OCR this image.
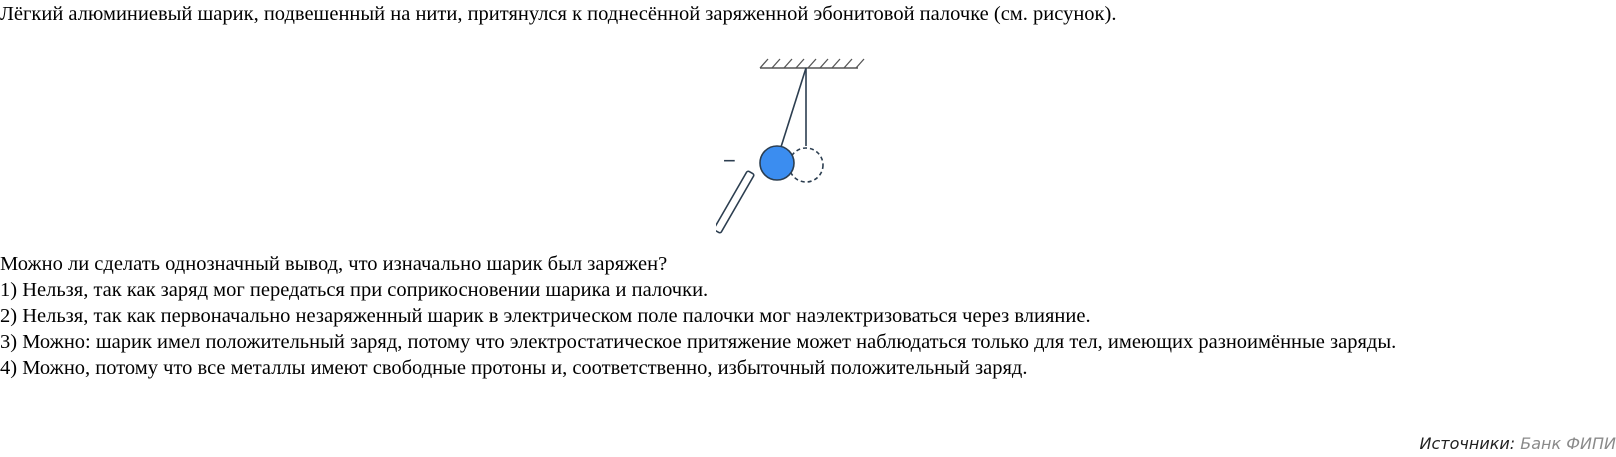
Лёгкий алюминиевый шарик, подвешенный на нити, притянулся к поднесённой заряженной эбонитовой палочке (см. рисунок).
−
Можно ли сделать однозначный вывод, что изначально шарик был заряжен?
1) Нельзя, так как заряд мог передаться при соприкосновении шарика и палочки.
2) Нельзя, так как первоначально незаряженный шарик в электрическом поле палочки мог наэлектризоваться через влияние.
3) Можно: шарик имел положительный заряд, потому что электростатическое притяжение может наблюдаться только для тел, имеющих разноимённые заряды.
4) Можно, потому что все металлы имеют свободные протоны и, соответственно, избыточный положительный заряд.
Источники: Банк ФИПИ
